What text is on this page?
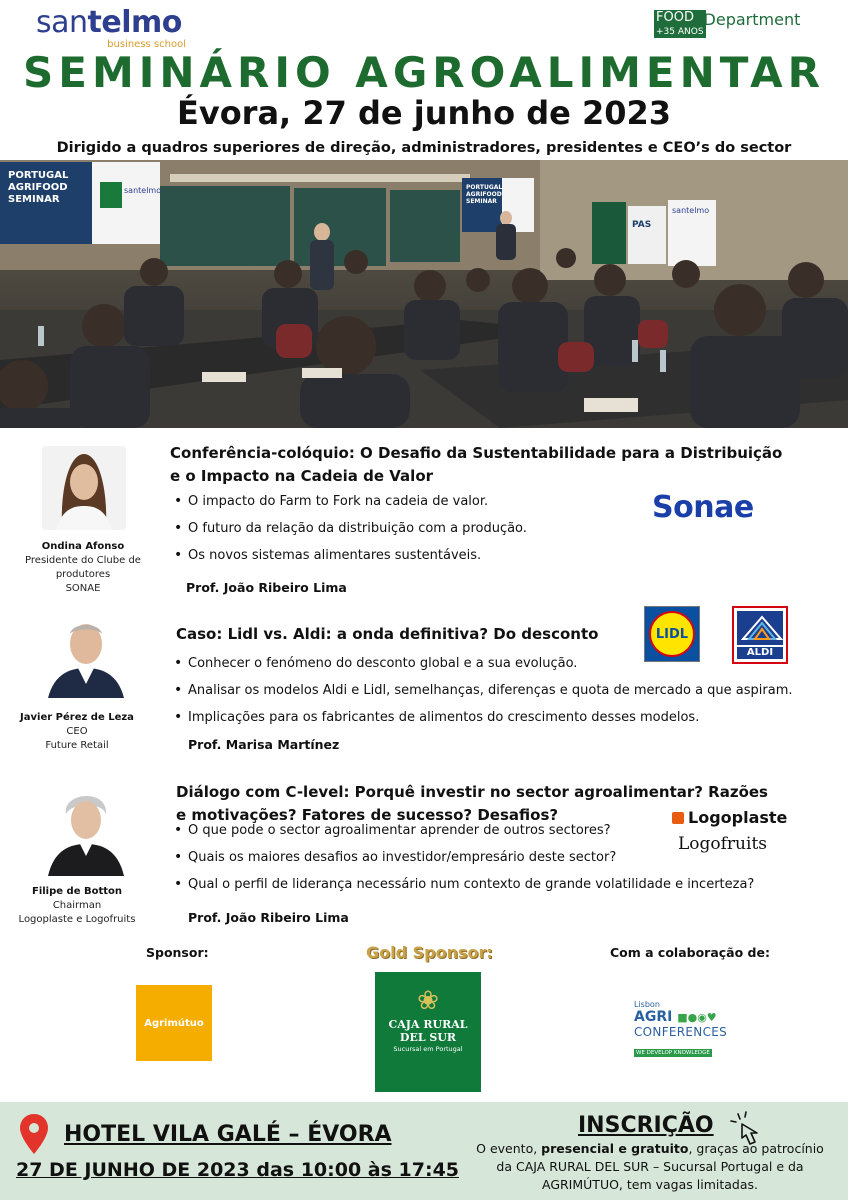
santelmo
business school
FOOD
+35 ANOS
Department
SEMINÁRIO AGROALIMENTAR
Évora, 27 de junho de 2023
Dirigido a quadros superiores de direção, administradores, presidentes e CEO’s do sector
PORTUGAL
AGRIFOOD
SEMINAR
santelmo	PORTUGAL
AGRIFOOD
SEMINAR
PAS
santelmo
Ondina Afonso
Presidente do Clube de
produtores
SONAE
Conferência-colóquio: O Desafio da Sustentabilidade para a Distribuição
e o Impacto na Cadeia de Valor
• O impacto do Farm to Fork na cadeia de valor.
• O futuro da relação da distribuição com a produção.
• Os novos sistemas alimentares sustentáveis.
Prof. João Ribeiro Lima
Sonae
Javier Pérez de Leza
CEO
Future Retail
Caso: Lidl vs. Aldi: a onda definitiva? Do desconto
• Conhecer o fenómeno do desconto global e a sua evolução.
• Analisar os modelos Aldi e Lidl, semelhanças, diferenças e quota de mercado a que aspiram.
• Implicações para os fabricantes de alimentos do crescimento desses modelos.
Prof. Marisa Martínez
LIDL
ALDI
Filipe de Botton
Chairman
Logoplaste e Logofruits
Diálogo com C-level: Porquê investir no sector agroalimentar? Razões
e motivações? Fatores de sucesso? Desafios?
• O que pode o sector agroalimentar aprender de outros sectores?
• Quais os maiores desafios ao investidor/empresário deste sector?
• Qual o perfil de liderança necessário num contexto de grande volatilidade e incerteza?
Prof. João Ribeiro Lima
Logoplaste
Logofruits
Sponsor:	Gold Sponsor:	Com a colaboração de:
Agrimútuo
❀
CAJA RURAL
DEL SUR
Sucursal em Portugal
Lisbon
AGRI ■●◉♥
CONFERENCES
WE DEVELOP KNOWLEDGE
HOTEL VILA GALÉ – ÉVORA
27 DE JUNHO DE 2023 das 10:00 às 17:45
INSCRIÇÃO
O evento, presencial e gratuito, graças ao patrocínio da CAJA RURAL DEL SUR – Sucursal Portugal e da AGRIMÚTUO, tem vagas limitadas.
